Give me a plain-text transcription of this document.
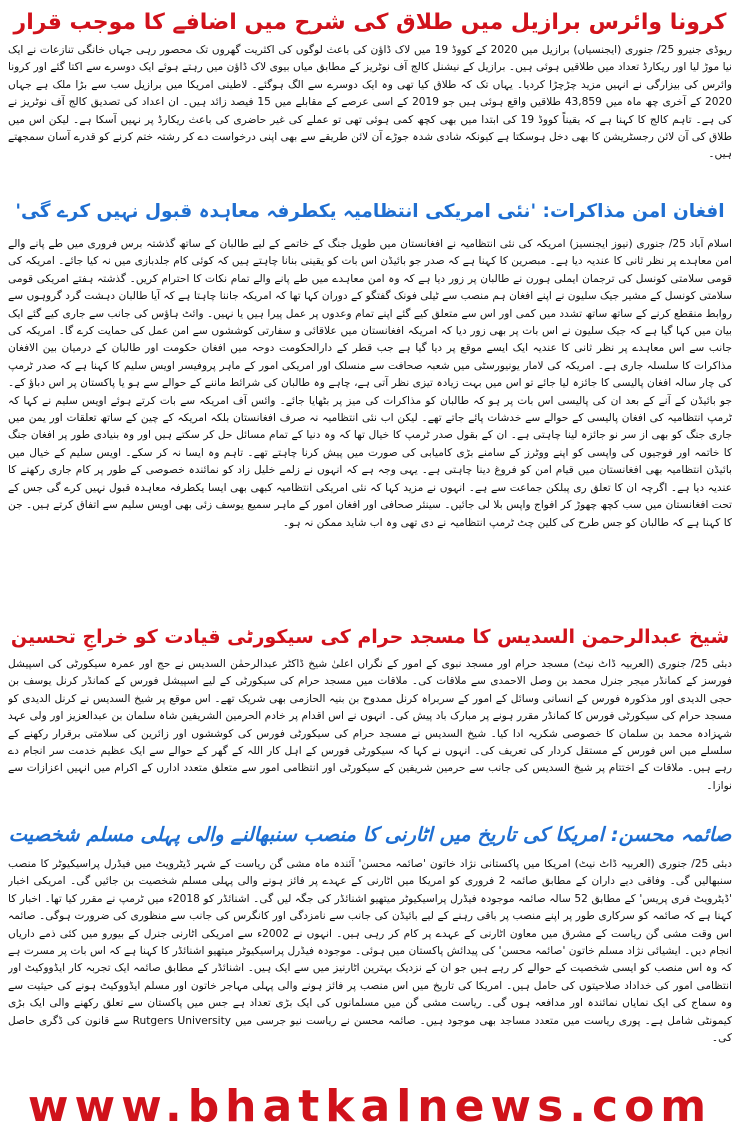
کرونا وائرس برازیل میں طلاق کی شرح میں اضافے کا موجب قرار

ریوڈی جنیرو 25/ جنوری (ایجنسیاں) برازیل میں 2020 کے کووڈ 19 میں لاک ڈاؤن کی باعث لوگوں کی اکثریت گھروں تک محصور رہی جہاں خانگی تنازعات نے ایک نیا موڑ لیا اور ریکارڈ تعداد میں طلاقیں ہوئی ہیں۔ برازیل کے نیشنل کالج آف نوٹریز کے مطابق میاں بیوی لاک ڈاؤن میں رہتے ہوئے ایک دوسرے سے اکتا گئے اور کرونا وائرس کی بیزارگی نے انہیں مزید چڑچڑا کردیا۔ یہاں تک کہ طلاق کیا تھی وہ ایک دوسرے سے الگ ہوگئے۔ لاطینی امریکا میں برازیل سب سے بڑا ملک ہے جہاں 2020 کے آخری چھ ماہ میں 43,859 طلاقیں واقع ہوئی ہیں جو 2019 کے اسی عرصے کے مقابلے میں 15 فیصد زائد ہیں۔ ان اعداد کی تصدیق کالج آف نوٹریز نے کی ہے۔ تاہم کالج کا کہنا ہے کہ یقیناً کووڈ 19 کی ابتدا میں بھی کچھ کمی ہوئی تھی تو عملے کی غیر حاضری کی باعث ریکارڈ پر نہیں آسکا ہے۔ لیکن اس میں طلاق کی آن لائن رجسٹریشن کا بھی دخل ہوسکتا ہے کیونکہ شادی شدہ جوڑے آن لائن طریقے سے بھی اپنی درخواست دے کر رشتہ ختم کرنے کو قدرے آسان سمجھتے ہیں۔

افغان امن مذاکرات: 'نئی امریکی انتظامیہ یکطرفہ معاہدہ قبول نہیں کرے گی'

اسلام آباد 25/ جنوری (نیوز ایجنسیز) امریکہ کی نئی انتظامیہ نے افغانستان میں طویل جنگ کے خاتمے کے لیے طالبان کے ساتھ گذشتہ برس فروری میں طے پانے والے امن معاہدے پر نظر ثانی کا عندیہ دیا ہے۔ مبصرین کا کہنا ہے کہ صدر جو بائیڈن اس بات کو یقینی بنانا چاہتے ہیں کہ کوئی کام جلدبازی میں نہ کیا جائے۔ امریکہ کی قومی سلامتی کونسل کی ترجمان ایملی ہورن نے طالبان پر زور دیا ہے کہ وہ امن معاہدے میں طے پانے والے تمام نکات کا احترام کریں۔ گذشتہ ہفتے امریکی قومی سلامتی کونسل کے مشیر جیک سلیون نے اپنے افغان ہم منصب سے ٹیلی فونک گفتگو کے دوران کہا تھا کہ امریکہ جاننا چاہتا ہے کہ آیا طالبان دہشت گرد گروہوں سے روابط منقطع کرنے کے ساتھ ساتھ تشدد میں کمی اور اس سے متعلق کیے گئے اپنے تمام وعدوں پر عمل پیرا ہیں یا نہیں۔ وائٹ ہاؤس کی جانب سے جاری کیے گئے ایک بیان میں کہا گیا ہے کہ جیک سلیون نے اس بات پر بھی زور دیا کہ امریکہ افغانستان میں علاقائی و سفارتی کوششوں سے امن عمل کی حمایت کرے گا۔ امریکہ کی جانب سے اس معاہدے پر نظر ثانی کا عندیہ ایک ایسے موقع پر دیا گیا ہے جب قطر کے دارالحکومت دوحہ میں افغان حکومت اور طالبان کے درمیان بین الافغان مذاکرات کا سلسلہ جاری ہے۔ امریکہ کی لامار یونیورسٹی میں شعبہ صحافت سے منسلک اور امریکی امور کے ماہر پروفیسر اویس سلیم کا کہنا ہے کہ صدر ٹرمپ کی چار سالہ افغان پالیسی کا جائزہ لیا جائے تو اس میں بہت زیادہ تیزی نظر آتی ہے، چاہے وہ طالبان کی شرائط ماننے کے حوالے سے ہو یا پاکستان پر اس دباؤ کے۔ جو بائیڈن کے آنے کے بعد ان کی پالیسی اس بات پر ہو کہ طالبان کو مذاکرات کی میز پر بٹھایا جائے۔ وائس آف امریکہ سے بات کرتے ہوئے اویس سلیم نے کہا کہ ٹرمپ انتظامیہ کی افغان پالیسی کے حوالے سے خدشات پائے جاتے تھے۔ لیکن اب نئی انتظامیہ نہ صرف افغانستان بلکہ امریکہ کے چین کے ساتھ تعلقات اور یمن میں جاری جنگ کو بھی از سر نو جائزہ لینا چاہتی ہے۔ ان کے بقول صدر ٹرمپ کا خیال تھا کہ وہ دنیا کے تمام مسائل حل کر سکتے ہیں اور وہ بنیادی طور پر افغان جنگ کا خاتمہ اور فوجیوں کی واپسی کو اپنے ووٹرز کے سامنے بڑی کامیابی کی صورت میں پیش کرنا چاہتے تھے۔ تاہم وہ ایسا نہ کر سکے۔ اویس سلیم کے خیال میں بائیڈن انتظامیہ بھی افغانستان میں قیام امن کو فروغ دینا چاہتی ہے۔ یہی وجہ ہے کہ انہوں نے زلمے خلیل زاد کو نمائندہ خصوصی کے طور پر کام جاری رکھنے کا عندیہ دیا ہے۔ اگرچہ ان کا تعلق ری پبلکن جماعت سے ہے۔ انہوں نے مزید کہا کہ نئی امریکی انتظامیہ کبھی بھی ایسا یکطرفہ معاہدہ قبول نہیں کرے گی جس کے تحت افغانستان میں سب کچھ چھوڑ کر افواج واپس بلا لی جائیں۔ سینئر صحافی اور افغان امور کے ماہر سمیع یوسف زئی بھی اویس سلیم سے اتفاق کرتے ہیں۔ جن کا کہنا ہے کہ طالبان کو جس طرح کی کلین چٹ ٹرمپ انتظامیہ نے دی تھی وہ اب شاید ممکن نہ ہو۔

شیخ عبدالرحمن السدیس کا مسجد حرام کی سیکورٹی قیادت کو خراجِ تحسین

دبئی 25/ جنوری (العربیہ ڈاٹ نیٹ) مسجد حرام اور مسجد نبوی کے امور کے نگراں اعلیٰ شیخ ڈاکٹر عبدالرحمٰن السدیس نے حج اور عمرہ سیکورٹی کی اسپیشل فورسز کے کمانڈر میجر جنرل محمد بن وصل الاحمدی سے ملاقات کی۔ ملاقات میں مسجد حرام کی سیکورٹی کے لیے اسپیشل فورس کے کمانڈر کرنل یوسف بن حجی الدیدی اور مذکورہ فورس کے انسانی وسائل کے امور کے سربراہ کرنل ممدوح بن بنیہ الحازمی بھی شریک تھے۔ اس موقع پر شیخ السدیس نے کرنل الدیدی کو مسجد حرام کی سیکورٹی فورس کا کمانڈر مقرر ہونے پر مبارک باد پیش کی۔ انہوں نے اس اقدام پر خادم الحرمین الشریفین شاہ سلمان بن عبدالعزیز اور ولی عہد شہزادہ محمد بن سلمان کا خصوصی شکریہ ادا کیا۔ شیخ السدیس نے مسجد حرام کی سیکورٹی فورس کی کوششوں اور زائرین کی سلامتی برقرار رکھنے کے سلسلے میں اس فورس کے مستقل کردار کی تعریف کی۔ انہوں نے کہا کہ سیکورٹی فورس کے اہل کار اللہ کے گھر کے حوالے سے ایک عظیم خدمت سر انجام دے رہے ہیں۔ ملاقات کے اختتام پر شیخ السدیس کی جانب سے حرمین شریفین کے سیکورٹی اور انتظامی امور سے متعلق متعدد ادارں کے اکرام میں انہیں اعزازات سے نوازا۔

صائمہ محسن: امریکا کی تاریخ میں اٹارنی کا منصب سنبھالنے والی پہلی مسلم شخصیت

دبئی 25/ جنوری (العربیہ ڈاٹ نیٹ) امریکا میں پاکستانی نژاد خاتون 'صائمہ محسن' آئندہ ماہ مشی گن ریاست کے شہر ڈیٹرویٹ میں فیڈرل پراسیکیوٹر کا منصب سنبھالیں گی۔ وفاقی دیے داران کے مطابق صائمہ 2 فروری کو امریکا میں اٹارنی کے عہدے پر فائز ہونے والی پہلی مسلم شخصیت بن جائیں گی۔ امریکی اخبار 'ڈیٹرویٹ فری پریس' کے مطابق 52 سالہ صائمہ موجودہ فیڈرل پراسیکیوٹر میتھیو اشنائڈر کی جگہ لیں گی۔ اشنائڈر کو 2018ء میں ٹرمپ نے مقرر کیا تھا۔ اخبار کا کہنا ہے کہ صائمہ کو سرکاری طور پر اپنے منصب پر باقی رہنے کے لیے بائیڈن کی جانب سے نامزدگی اور کانگرس کی جانب سے منظوری کی ضرورت ہوگی۔ صائمہ اس وقت مشی گن ریاست کے مشرق میں معاون اٹارنی کے عہدے پر کام کر رہی ہیں۔ انہوں نے 2002ء سے امریکی اٹارنی جنرل کے بیورو میں کئی ذمے داریاں انجام دیں۔ ایشیائی نژاد مسلم خاتون 'صائمہ محسن' کی پیدائش پاکستان میں ہوئی۔ موجودہ فیڈرل پراسیکیوٹر میتھیو اشنائڈر کا کہنا ہے کہ اس بات پر مسرت ہے کہ وہ اس منصب کو ایسی شخصیت کے حوالے کر رہے ہیں جو ان کے نزدیک بہترین اٹارنیز میں سے ایک ہیں۔ اشنائڈر کے مطابق صائمہ ایک تجربہ کار ایڈووکیٹ اور انتظامی امور کی خداداد صلاحیتوں کی حامل ہیں۔ امریکا کی تاریخ میں اس منصب پر فائز ہونے والی پہلی مہاجر خاتون اور مسلم ایڈووکیٹ ہونے کی حیثیت سے وہ سماج کی ایک نمایاں نمائندہ اور مدافعہ ہوں گی۔ ریاست مشی گن میں مسلمانوں کی ایک بڑی تعداد ہے جس میں پاکستان سے تعلق رکھنے والی ایک بڑی کیمونٹی شامل ہے۔ پوری ریاست میں متعدد مساجد بھی موجود ہیں۔ صائمہ محسن نے ریاست نیو جرسی میں Rutgers University سے قانون کی ڈگری حاصل کی۔

www.bhatkalnews.com
